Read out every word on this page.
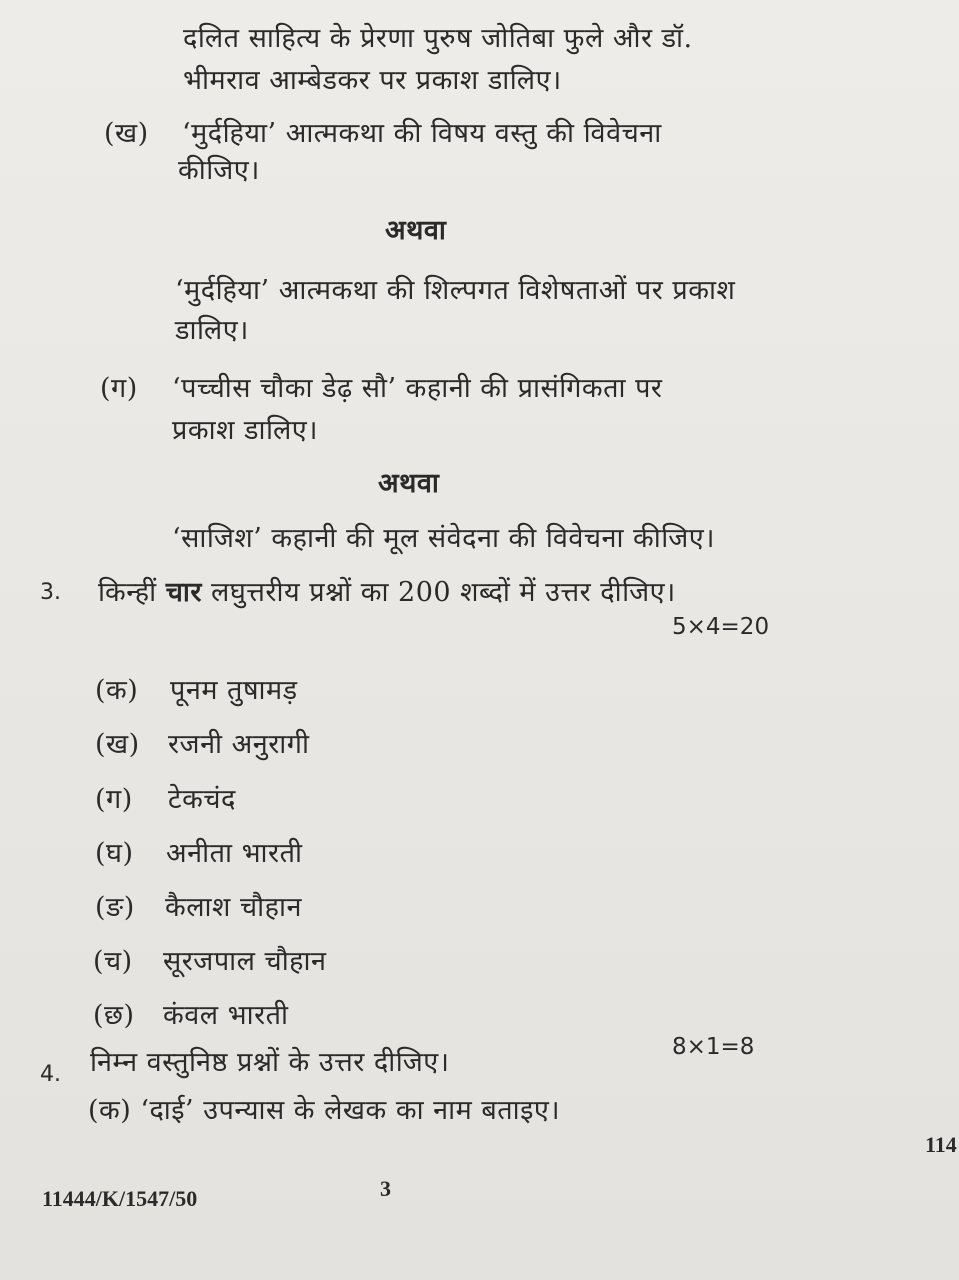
दलित साहित्य के प्रेरणा पुरुष जोतिबा फुले और डॉ.
भीमराव आम्बेडकर पर प्रकाश डालिए।
(ख) ‘मुर्दहिया’ आत्मकथा की विषय वस्तु की विवेचना
कीजिए।
अथवा
‘मुर्दहिया’ आत्मकथा की शिल्पगत विशेषताओं पर प्रकाश
डालिए।
(ग) ‘पच्चीस चौका डेढ़ सौ’ कहानी की प्रासंगिकता पर
प्रकाश डालिए।
अथवा
‘साजिश’ कहानी की मूल संवेदना की विवेचना कीजिए।
3. किन्हीं चार लघुत्तरीय प्रश्नों का 200 शब्दों में उत्तर दीजिए।
5×4=20
(क) पूनम तुषामड़
(ख) रजनी अनुरागी
(ग) टेकचंद
(घ) अनीता भारती
(ङ) कैलाश चौहान
(च) सूरजपाल चौहान
(छ) कंवल भारती
4. निम्न वस्तुनिष्ठ प्रश्नों के उत्तर दीजिए।	8×1=8
(क) ‘दाई’ उपन्यास के लेखक का नाम बताइए।
114
3
11444/K/1547/50
